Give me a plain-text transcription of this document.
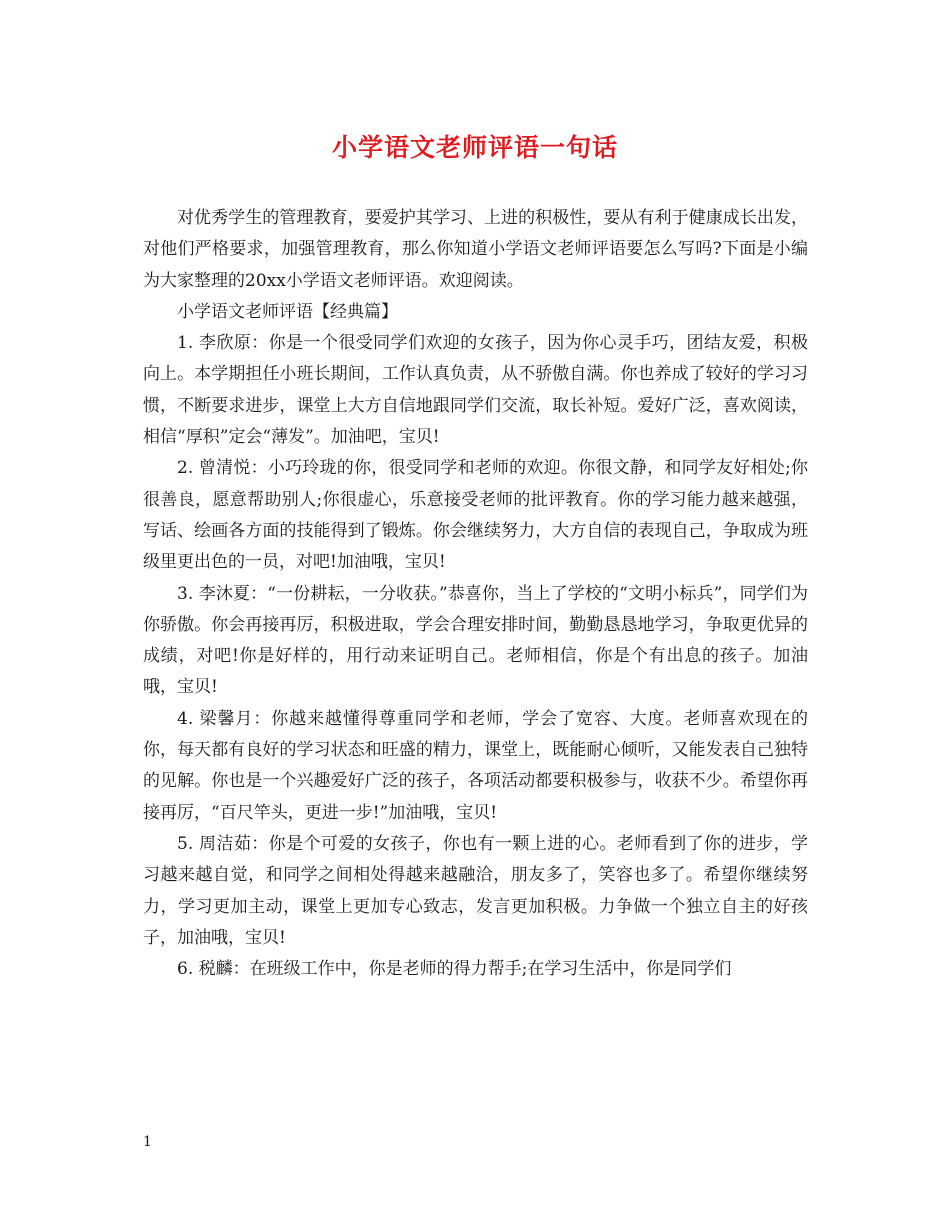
小学语文老师评语一句话

对优秀学生的管理教育，要爱护其学习、上进的积极性，要从有利于健康成长出发，对他们严格要求，加强管理教育，那么你知道小学语文老师评语要怎么写吗?下面是小编为大家整理的20xx小学语文老师评语。欢迎阅读。

小学语文老师评语【经典篇】

1. 李欣原：你是一个很受同学们欢迎的女孩子，因为你心灵手巧，团结友爱，积极向上。本学期担任小班长期间，工作认真负责，从不骄傲自满。你也养成了较好的学习习惯，不断要求进步，课堂上大方自信地跟同学们交流，取长补短。爱好广泛，喜欢阅读，相信“厚积”定会“薄发”。加油吧，宝贝!

2. 曾清悦：小巧玲珑的你，很受同学和老师的欢迎。你很文静，和同学友好相处;你很善良，愿意帮助别人;你很虚心，乐意接受老师的批评教育。你的学习能力越来越强，写话、绘画各方面的技能得到了锻炼。你会继续努力，大方自信的表现自己，争取成为班级里更出色的一员，对吧!加油哦，宝贝!

3. 李沐夏：“一份耕耘，一分收获。”恭喜你，当上了学校的“文明小标兵”，同学们为你骄傲。你会再接再厉，积极进取，学会合理安排时间，勤勤恳恳地学习，争取更优异的成绩，对吧!你是好样的，用行动来证明自己。老师相信，你是个有出息的孩子。加油哦，宝贝!

4. 梁馨月：你越来越懂得尊重同学和老师，学会了宽容、大度。老师喜欢现在的你，每天都有良好的学习状态和旺盛的精力，课堂上，既能耐心倾听，又能发表自己独特的见解。你也是一个兴趣爱好广泛的孩子，各项活动都要积极参与，收获不少。希望你再接再厉，“百尺竿头，更进一步!”加油哦，宝贝!

5. 周洁茹：你是个可爱的女孩子，你也有一颗上进的心。老师看到了你的进步，学习越来越自觉，和同学之间相处得越来越融洽，朋友多了，笑容也多了。希望你继续努力，学习更加主动，课堂上更加专心致志，发言更加积极。力争做一个独立自主的好孩子，加油哦，宝贝!

6. 税麟：在班级工作中，你是老师的得力帮手;在学习生活中，你是同学们

1
